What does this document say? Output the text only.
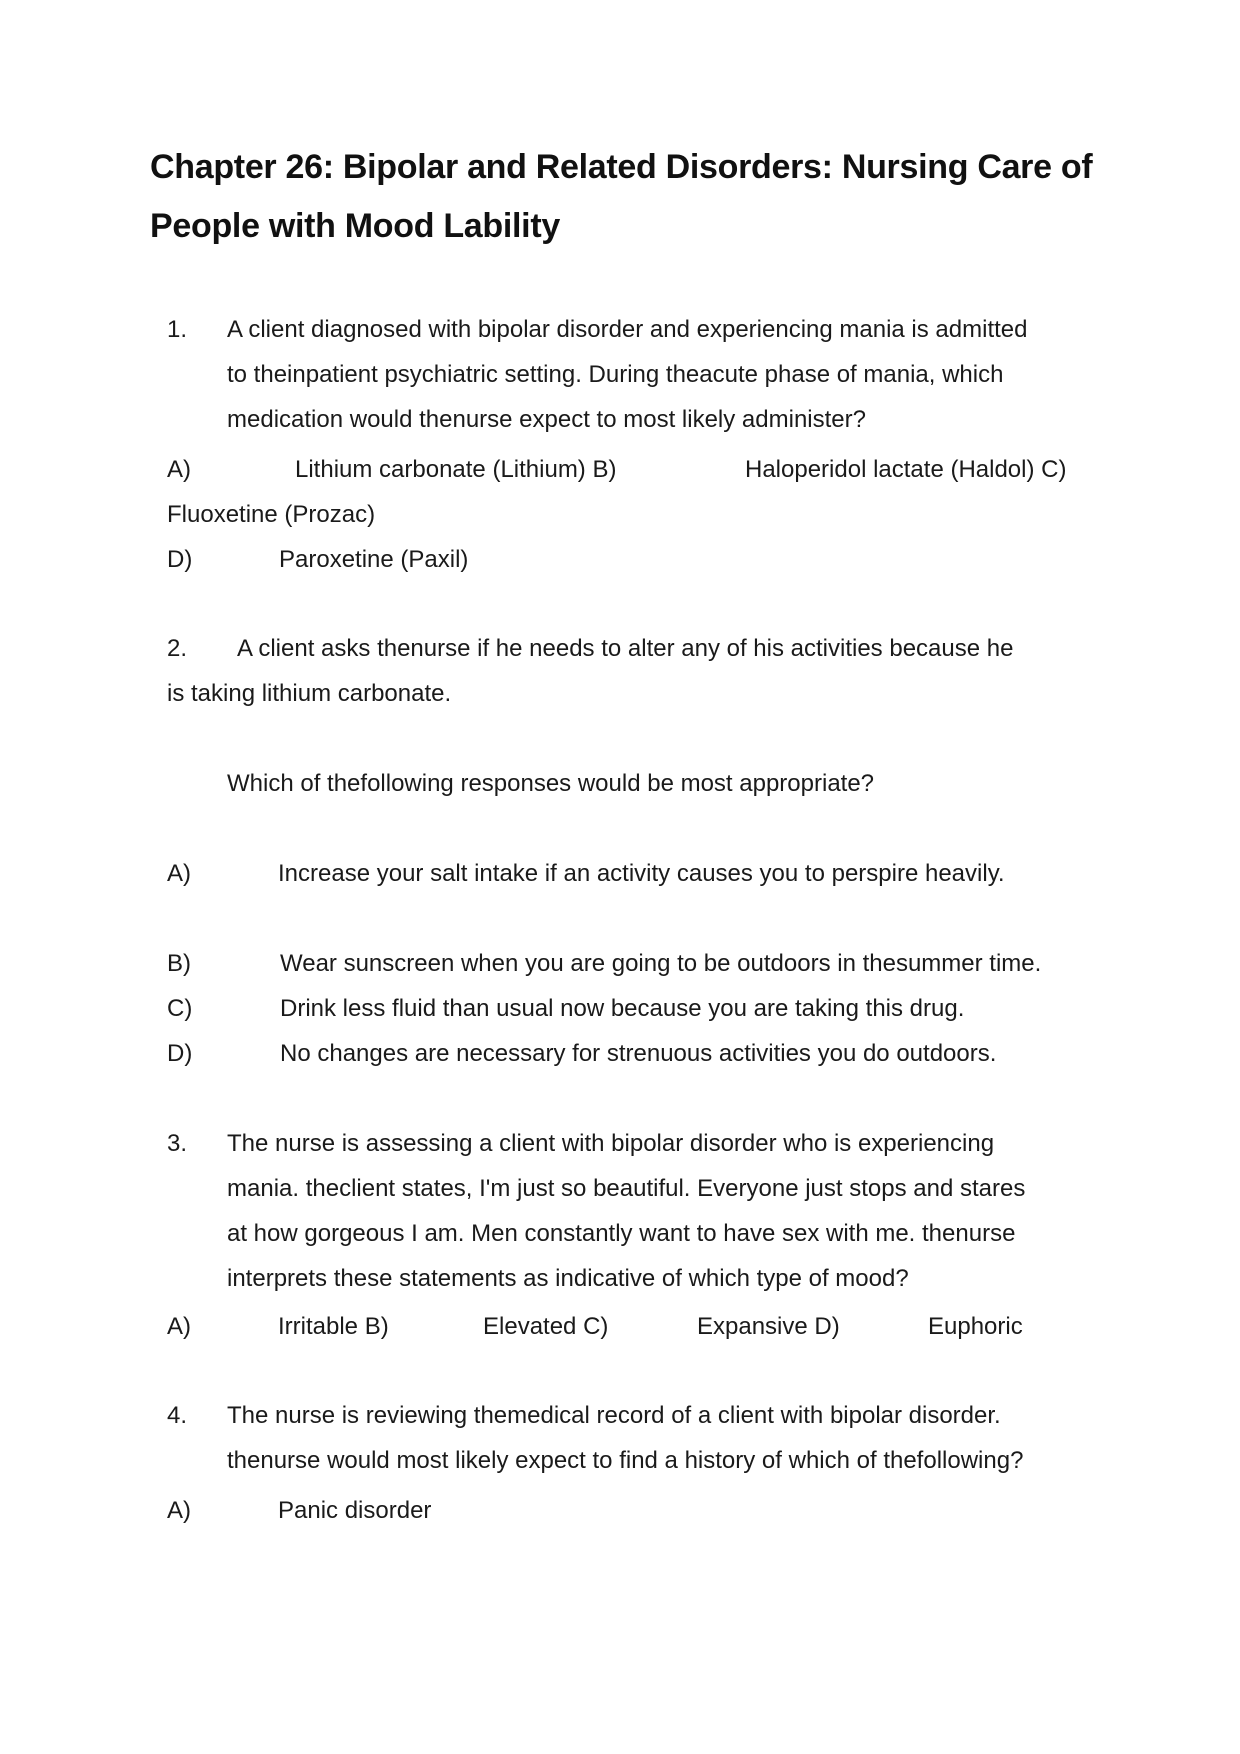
Chapter 26: Bipolar and Related Disorders: Nursing Care of
People with Mood Lability
1. A client diagnosed with bipolar disorder and experiencing mania is admitted
to theinpatient psychiatric setting. During theacute phase of mania, which
medication would thenurse expect to most likely administer?
A)	Lithium carbonate (Lithium) B)	Haloperidol lactate (Haldol) C)
Fluoxetine (Prozac)
D)	Paroxetine (Paxil)
2. A client asks thenurse if he needs to alter any of his activities because he
is taking lithium carbonate.
Which of thefollowing responses would be most appropriate?
A)	Increase your salt intake if an activity causes you to perspire heavily.
B)	Wear sunscreen when you are going to be outdoors in thesummer time.
C)	Drink less fluid than usual now because you are taking this drug.
D)	No changes are necessary for strenuous activities you do outdoors.
3. The nurse is assessing a client with bipolar disorder who is experiencing
mania. theclient states, I'm just so beautiful. Everyone just stops and stares
at how gorgeous I am. Men constantly want to have sex with me. thenurse
interprets these statements as indicative of which type of mood?
A)	Irritable B)	Elevated C)	Expansive D)	Euphoric
4. The nurse is reviewing themedical record of a client with bipolar disorder.
thenurse would most likely expect to find a history of which of thefollowing?
A)	Panic disorder
